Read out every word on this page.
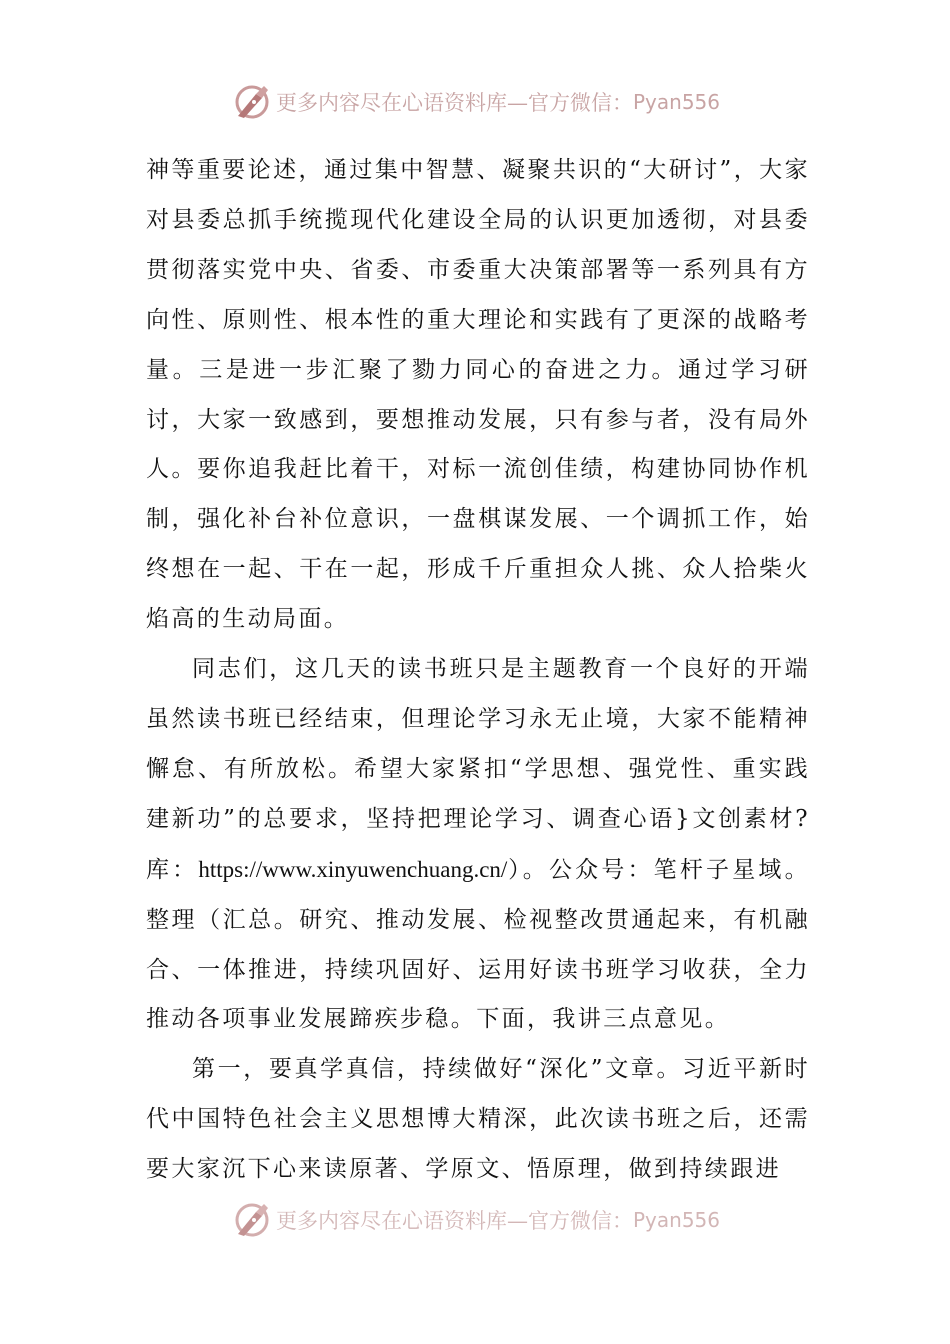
更多内容尽在心语资料库—官方微信： Pyan556

神等重要论述，通过集中智慧、凝聚共识的“大研讨”，大家对县委总抓手统揽现代化建设全局的认识更加透彻，对县委贯彻落实党中央、省委、市委重大决策部署等一系列具有方向性、原则性、根本性的重大理论和实践有了更深的战略考量。三是进一步汇聚了勠力同心的奋进之力。通过学习研讨，大家一致感到，要想推动发展，只有参与者，没有局外人。要你追我赶比着干，对标一流创佳绩，构建协同协作机制，强化补台补位意识，一盘棋谋发展、一个调抓工作，始终想在一起、干在一起，形成千斤重担众人挑、众人拾柴火焰高的生动局面。

同志们，这几天的读书班只是主题教育一个良好的开端虽然读书班已经结束，但理论学习永无止境，大家不能精神懈怠、有所放松。希望大家紧扣“学思想、强党性、重实践建新功”的总要求，坚持把理论学习、调查心语}文创素材?库：https://www.xinyuwenchuang.cn/）。公众号：笔杆子星域。整理（汇总。研究、推动发展、检视整改贯通起来，有机融合、一体推进，持续巩固好、运用好读书班学习收获，全力推动各项事业发展蹄疾步稳。下面，我讲三点意见。

第一，要真学真信，持续做好“深化”文章。习近平新时代中国特色社会主义思想博大精深，此次读书班之后，还需要大家沉下心来读原著、学原文、悟原理，做到持续跟进

更多内容尽在心语资料库—官方微信： Pyan556
